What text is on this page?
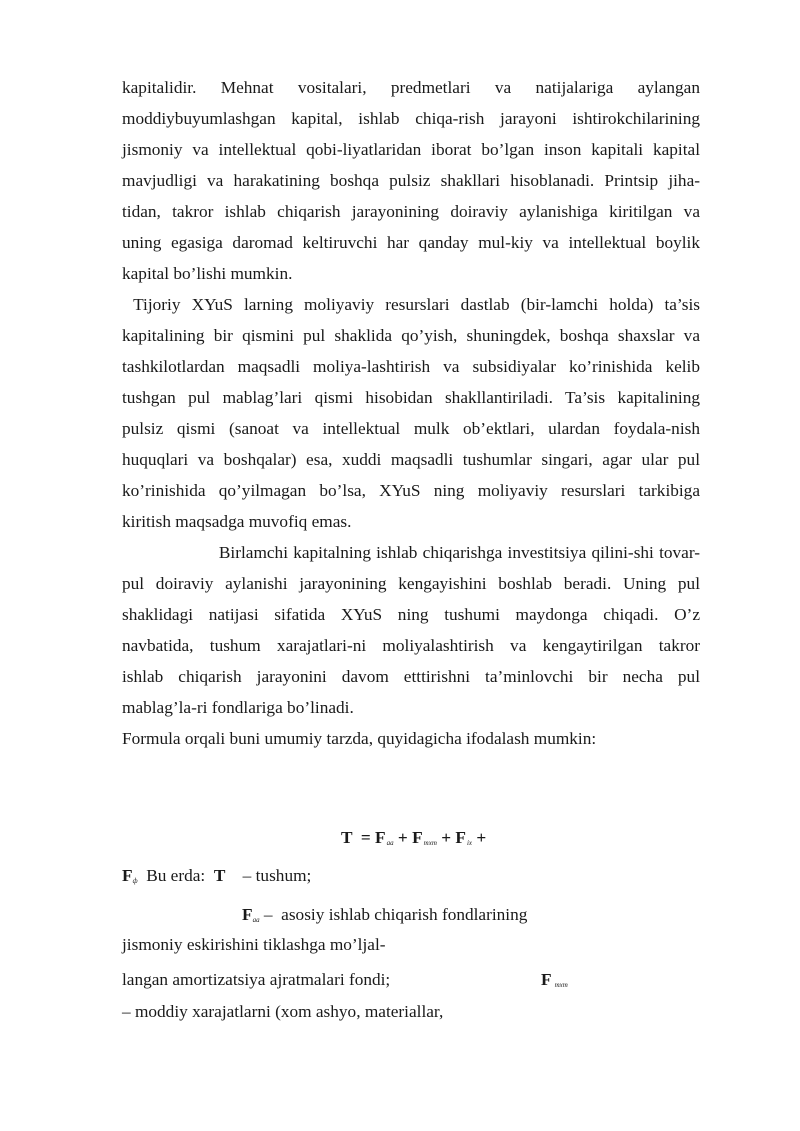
kapitalidir. Mehnat vositalari, predmetlari va natijalariga aylangan
moddiybuyumlashgan kapital, ishlab chiqa-rish jarayoni ishtirokchilarining
jismoniy va intellektual qobi-liyatlaridan iborat bo’lgan inson kapitali kapital
mavjudligi va harakatining boshqa pulsiz shakllari hisoblanadi. Printsip jiha-
tidan, takror ishlab chiqarish jarayonining doiraviy aylanishiga kiritilgan va
uning egasiga daromad keltiruvchi har qanday mul-kiy va intellektual boylik
kapital bo’lishi mumkin.
Tijoriy XYuS larning moliyaviy resurslari dastlab (bir-lamchi holda) ta’sis
kapitalining bir qismini pul shaklida qo’yish, shuningdek, boshqa shaxslar va
tashkilotlardan maqsadli moliya-lashtirish va subsidiyalar ko’rinishida kelib
tushgan pul mablag’lari qismi hisobidan shakllantiriladi. Ta’sis kapitalining
pulsiz qismi (sanoat va intellektual mulk ob’ektlari, ulardan foydala-nish
huquqlari va boshqalar) esa, xuddi maqsadli tushumlar singari, agar ular pul
ko’rinishida qo’yilmagan bo’lsa, XYuS ning moliyaviy resurslari tarkibiga
kiritish maqsadga muvofiq emas.
Birlamchi kapitalning ishlab chiqarishga investitsiya qilini-shi tovar-
pul doiraviy aylanishi jarayonining kengayishini boshlab beradi. Uning pul
shaklidagi natijasi sifatida XYuS ning tushumi maydonga chiqadi. O’z
navbatida, tushum xarajatlari-ni moliyalashtirish va kengaytirilgan takror
ishlab chiqarish jarayonini davom etttirishni ta’minlovchi bir necha pul
mablag’la-ri fondlariga bo’linadi.
Formula orqali buni umumiy tarzda, quyidagicha ifodalash mumkin:
$T = F_{aa} + F_{mxm} + F_{ix}$ +
Fф  Bu erda:  T    – tushum;
Faa –  asosiy ishlab chiqarish fondlarining
jismoniy eskirishini tiklashga mo’ljal-
langan amortizatsiya ajratmalari fondi;	Fmxm
– moddiy xarajatlarni (xom ashyo, materiallar,
